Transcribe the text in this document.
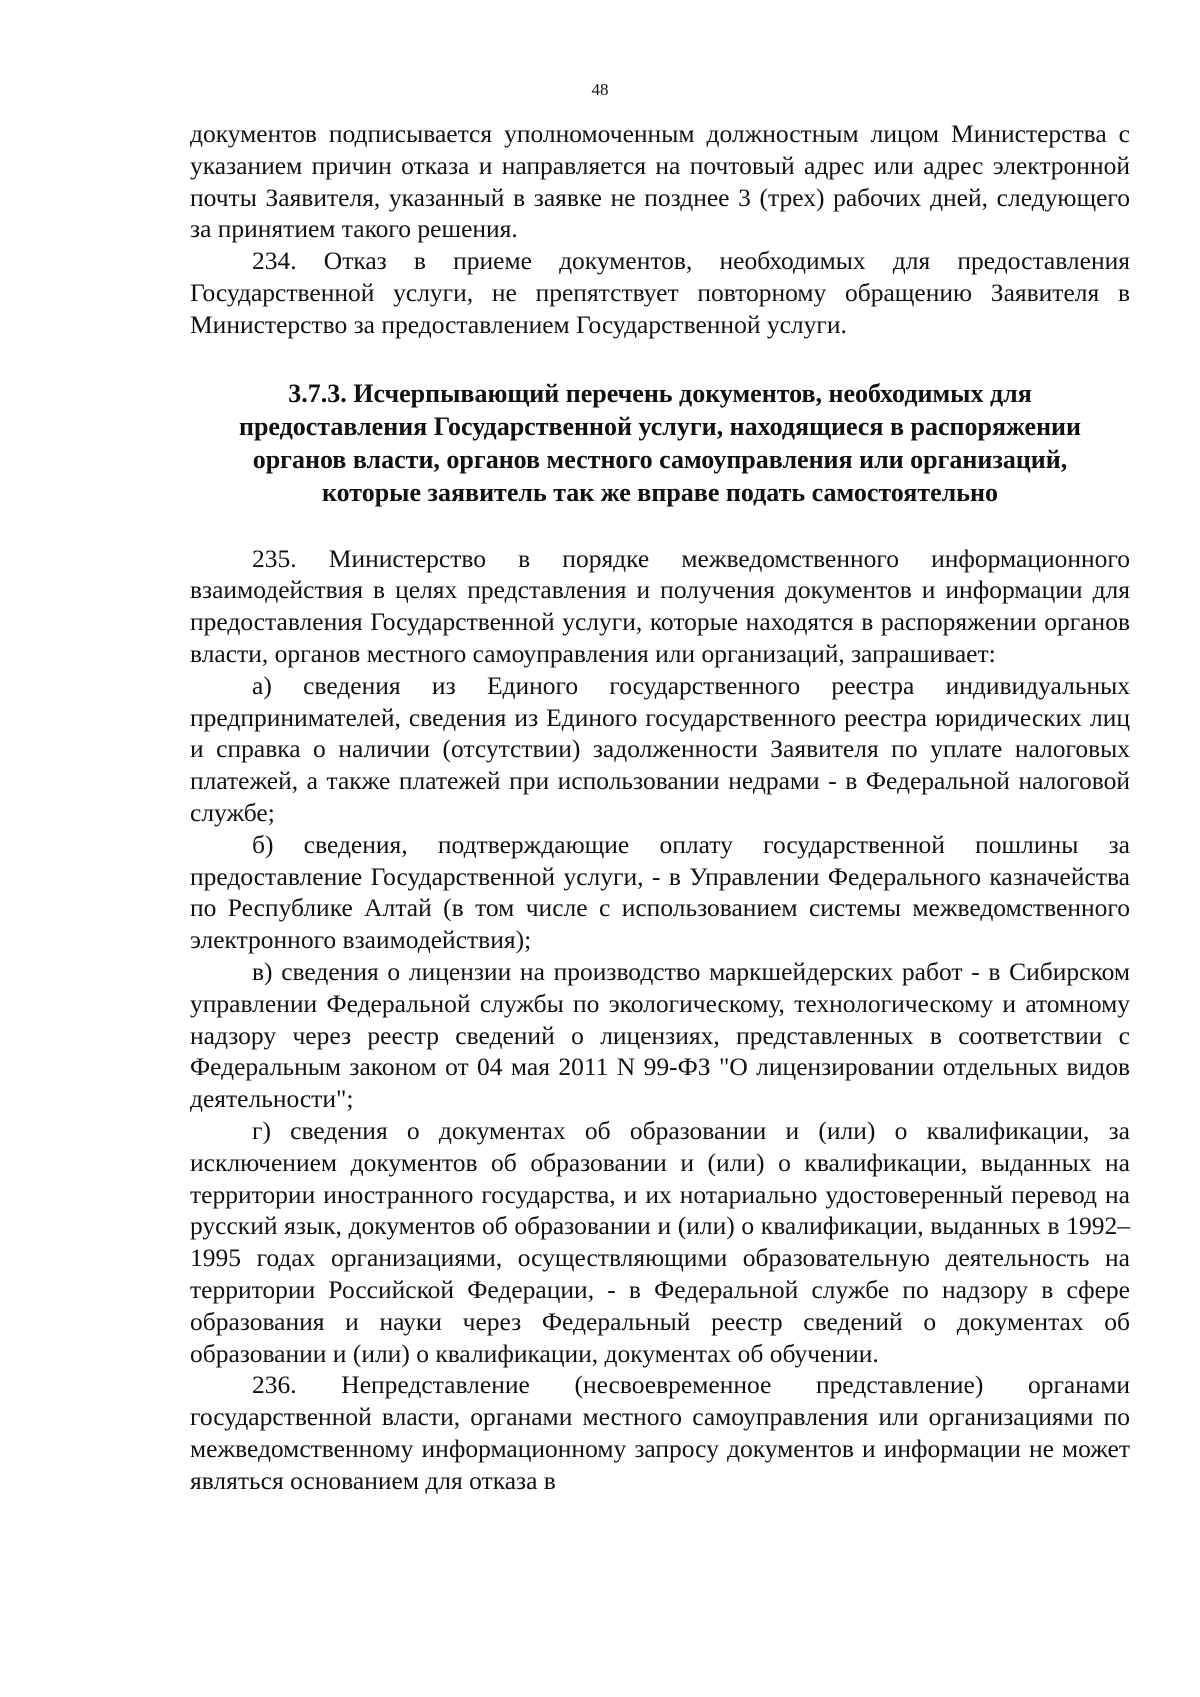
48

документов подписывается уполномоченным должностным лицом Министерства с указанием причин отказа и направляется на почтовый адрес или адрес электронной почты Заявителя, указанный в заявке не позднее 3 (трех) рабочих дней, следующего за принятием такого решения.

234. Отказ в приеме документов, необходимых для предоставления Государственной услуги, не препятствует повторному обращению Заявителя в Министерство за предоставлением Государственной услуги.

3.7.3. Исчерпывающий перечень документов, необходимых для

предоставления Государственной услуги, находящиеся в распоряжении

органов власти, органов местного самоуправления или организаций,

которые заявитель так же вправе подать самостоятельно

235. Министерство в порядке межведомственного информационного взаимодействия в целях представления и получения документов и информации для предоставления Государственной услуги, которые находятся в распоряжении органов власти, органов местного самоуправления или организаций, запрашивает:

а) сведения из Единого государственного реестра индивидуальных предпринимателей, сведения из Единого государственного реестра юридических лиц и справка о наличии (отсутствии) задолженности Заявителя по уплате налоговых платежей, а также платежей при использовании недрами - в Федеральной налоговой службе;

б) сведения, подтверждающие оплату государственной пошлины за предоставление Государственной услуги, - в Управлении Федерального казначейства по Республике Алтай (в том числе с использованием системы межведомственного электронного взаимодействия);

в) сведения о лицензии на производство маркшейдерских работ - в Сибирском управлении Федеральной службы по экологическому, технологическому и атомному надзору через реестр сведений о лицензиях, представленных в соответствии с Федеральным законом от 04 мая 2011 N 99-ФЗ "О лицензировании отдельных видов деятельности";

г) сведения о документах об образовании и (или) о квалификации, за исключением документов об образовании и (или) о квалификации, выданных на территории иностранного государства, и их нотариально удостоверенный перевод на русский язык, документов об образовании и (или) о квалификации, выданных в 1992–1995 годах организациями, осуществляющими образовательную деятельность на территории Российской Федерации, - в Федеральной службе по надзору в сфере образования и науки через Федеральный реестр сведений о документах об образовании и (или) о квалификации, документах об обучении.

236. Непредставление (несвоевременное представление) органами государственной власти, органами местного самоуправления или организациями по межведомственному информационному запросу документов и информации не может являться основанием для отказа в
